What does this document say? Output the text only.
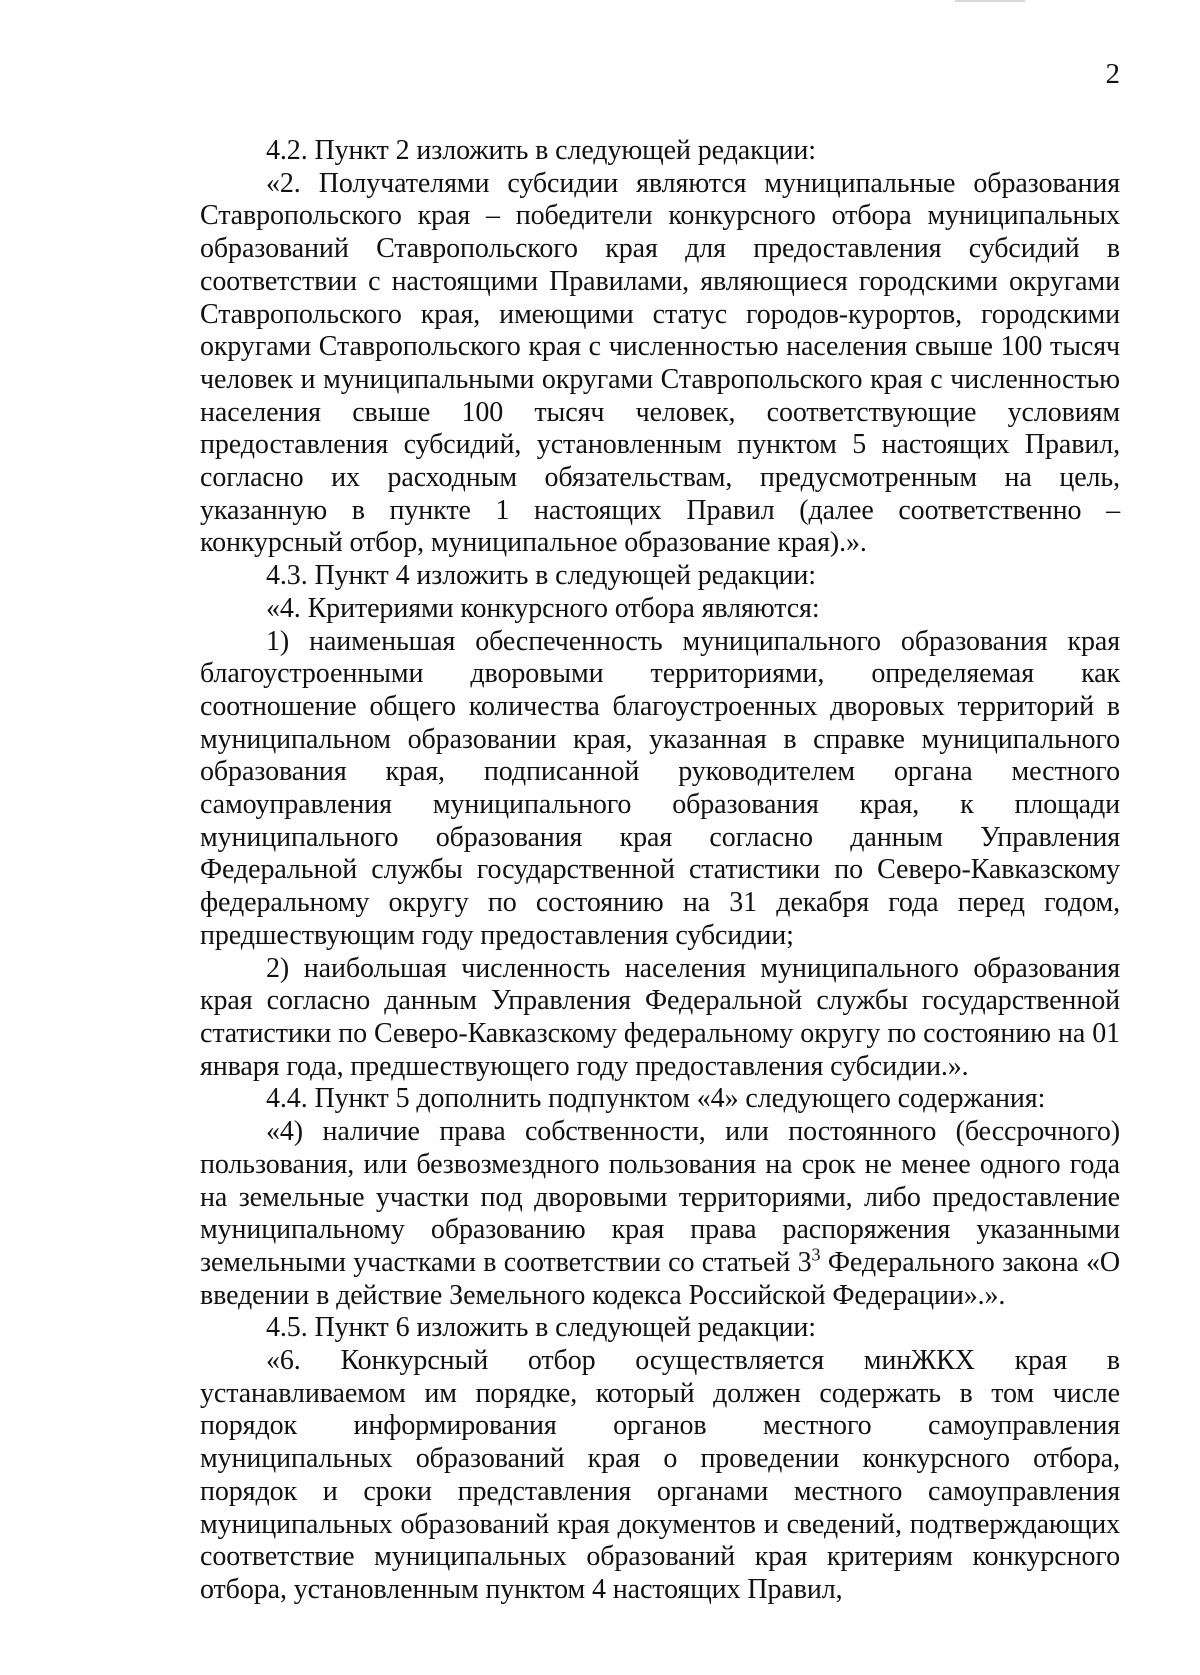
2

4.2. Пункт 2 изложить в следующей редакции:

«2. Получателями субсидии являются муниципальные образования Ставропольского края – победители конкурсного отбора муниципальных образований Ставропольского края для предоставления субсидий в соответствии с настоящими Правилами, являющиеся городскими округами Ставропольского края, имеющими статус городов-курортов, городскими округами Ставропольского края с численностью населения свыше 100 тысяч человек и муниципальными округами Ставропольского края с численностью населения свыше 100 тысяч человек, соответствующие условиям предоставления субсидий, установленным пунктом 5 настоящих Правил, согласно их расходным обязательствам, предусмотренным на цель, указанную в пункте 1 настоящих Правил (далее соответственно – конкурсный отбор, муниципальное образование края).».

4.3. Пункт 4 изложить в следующей редакции:

«4. Критериями конкурсного отбора являются:

1) наименьшая обеспеченность муниципального образования края благоустроенными дворовыми территориями, определяемая как соотношение общего количества благоустроенных дворовых территорий в муниципальном образовании края, указанная в справке муниципального образования края, подписанной руководителем органа местного самоуправления муниципального образования края, к площади муниципального образования края согласно данным Управления Федеральной службы государственной статистики по Северо-Кавказскому федеральному округу по состоянию на 31 декабря года перед годом, предшествующим году предоставления субсидии;

2) наибольшая численность населения муниципального образования края согласно данным Управления Федеральной службы государственной статистики по Северо-Кавказскому федеральному округу по состоянию на 01 января года, предшествующего году предоставления субсидии.».

4.4. Пункт 5 дополнить подпунктом «4» следующего содержания:

«4) наличие права собственности, или постоянного (бессрочного) пользования, или безвозмездного пользования на срок не менее одного года на земельные участки под дворовыми территориями, либо предоставление муниципальному образованию края права распоряжения указанными земельными участками в соответствии со статьей $3^3$ Федерального закона «О введении в действие Земельного кодекса Российской Федерации».».

4.5. Пункт 6 изложить в следующей редакции:

«6. Конкурсный отбор осуществляется минЖКХ края в устанавливаемом им порядке, который должен содержать в том числе порядок информирования органов местного самоуправления муниципальных образований края о проведении конкурсного отбора, порядок и сроки представления органами местного самоуправления муниципальных образований края документов и сведений, подтверждающих соответствие муниципальных образований края критериям конкурсного отбора, установленным пунктом 4 настоящих Правил,
